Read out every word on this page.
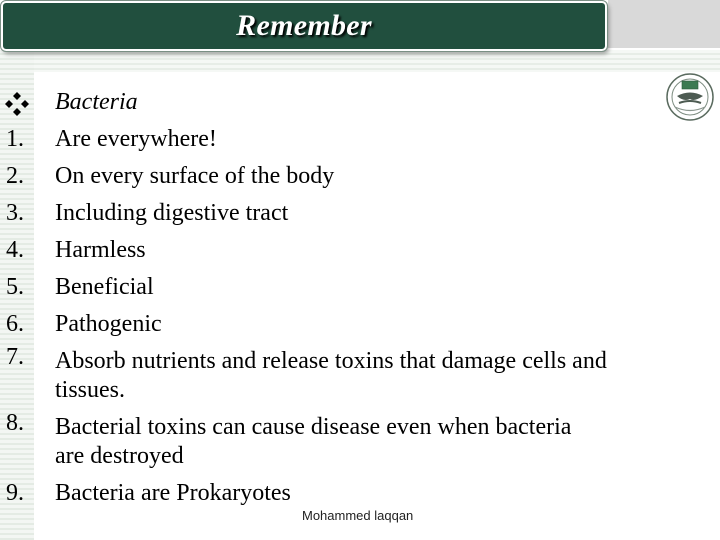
Remember
Bacteria
1.	Are everywhere!
2.	On every surface of the body
3.	Including digestive tract
4.	Harmless
5.	Beneficial
6.	Pathogenic
7.	Absorb nutrients and release toxins that damage cells and tissues.
8.	Bacterial toxins can cause disease even when bacteria are destroyed
9.	Bacteria are Prokaryotes
Mohammed laqqan
